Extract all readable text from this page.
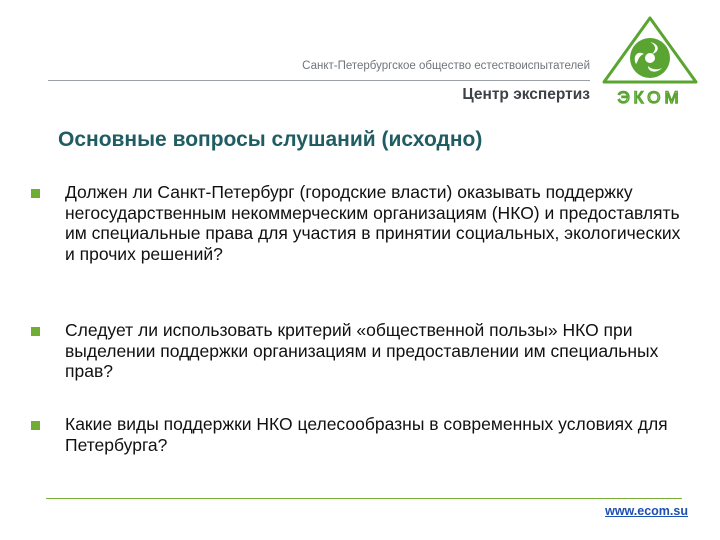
Санкт-Петербургское общество естествоиспытателей
Центр экспертиз ЭКОМ
Основные вопросы слушаний (исходно)
Должен ли Санкт-Петербург (городские власти) оказывать поддержку негосударственным некоммерческим организациям (НКО) и предоставлять им специальные права для участия в принятии социальных, экологических и прочих решений?
Следует ли использовать критерий «общественной пользы» НКО при выделении поддержки организациям и предоставлении им специальных прав?
Какие виды поддержки НКО целесообразны в современных условиях для Петербурга?
www.ecom.su
